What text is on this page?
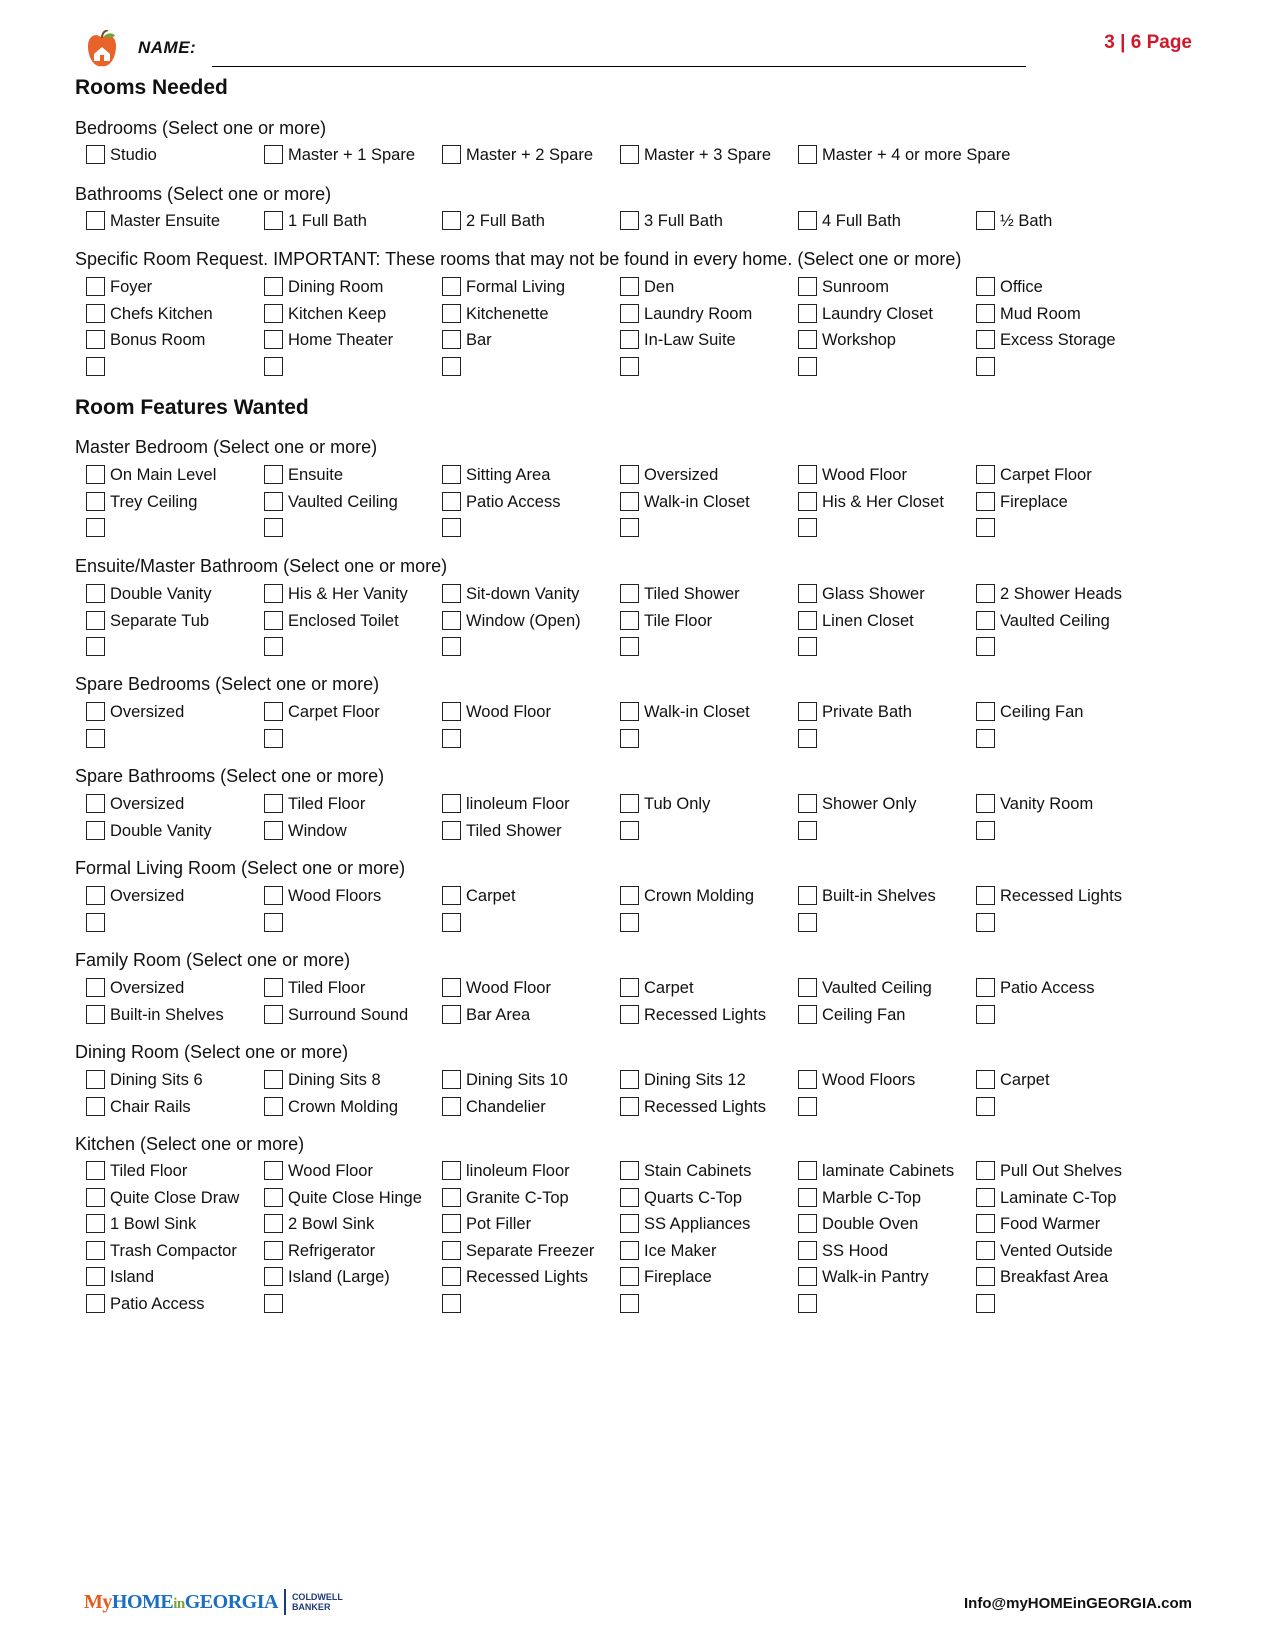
NAME:	3 | 6 Page
Rooms Needed
Bedrooms (Select one or more)
Studio	Master + 1 Spare	Master + 2 Spare	Master + 3 Spare	Master + 4 or more Spare
Bathrooms (Select one or more)
Master Ensuite	1 Full Bath	2 Full Bath	3 Full Bath	4 Full Bath	½ Bath
Specific Room Request. IMPORTANT: These rooms that may not be found in every home. (Select one or more)
Foyer	Dining Room	Formal Living	Den	Sunroom	Office
Chefs Kitchen	Kitchen Keep	Kitchenette	Laundry Room	Laundry Closet	Mud Room
Bonus Room	Home Theater	Bar	In-Law Suite	Workshop	Excess Storage
Room Features Wanted
Master Bedroom (Select one or more)
On Main Level	Ensuite	Sitting Area	Oversized	Wood Floor	Carpet Floor
Trey Ceiling	Vaulted Ceiling	Patio Access	Walk-in Closet	His & Her Closet	Fireplace
Ensuite/Master Bathroom (Select one or more)
Double Vanity	His & Her Vanity	Sit-down Vanity	Tiled Shower	Glass Shower	2 Shower Heads
Separate Tub	Enclosed Toilet	Window (Open)	Tile Floor	Linen Closet	Vaulted Ceiling
Spare Bedrooms (Select one or more)
Oversized	Carpet Floor	Wood Floor	Walk-in Closet	Private Bath	Ceiling Fan
Spare Bathrooms (Select one or more)
Oversized	Tiled Floor	linoleum Floor	Tub Only	Shower Only	Vanity Room
Double Vanity	Window	Tiled Shower
Formal Living Room (Select one or more)
Oversized	Wood Floors	Carpet	Crown Molding	Built-in Shelves	Recessed Lights
Family Room (Select one or more)
Oversized	Tiled Floor	Wood Floor	Carpet	Vaulted Ceiling	Patio Access
Built-in Shelves	Surround Sound	Bar Area	Recessed Lights	Ceiling Fan
Dining Room (Select one or more)
Dining Sits 6	Dining Sits 8	Dining Sits 10	Dining Sits 12	Wood Floors	Carpet
Chair Rails	Crown Molding	Chandelier	Recessed Lights
Kitchen (Select one or more)
Tiled Floor	Wood Floor	linoleum Floor	Stain Cabinets	laminate Cabinets	Pull Out Shelves
Quite Close Draw	Quite Close Hinge	Granite C-Top	Quarts C-Top	Marble C-Top	Laminate C-Top
1 Bowl Sink	2 Bowl Sink	Pot Filler	SS Appliances	Double Oven	Food Warmer
Trash Compactor	Refrigerator	Separate Freezer	Ice Maker	SS Hood	Vented Outside
Island	Island (Large)	Recessed Lights	Fireplace	Walk-in Pantry	Breakfast Area
Patio Access
MyHOMEinGEORGIA COLDWELL
BANKER	Info@myHOMEinGEORGIA.com
